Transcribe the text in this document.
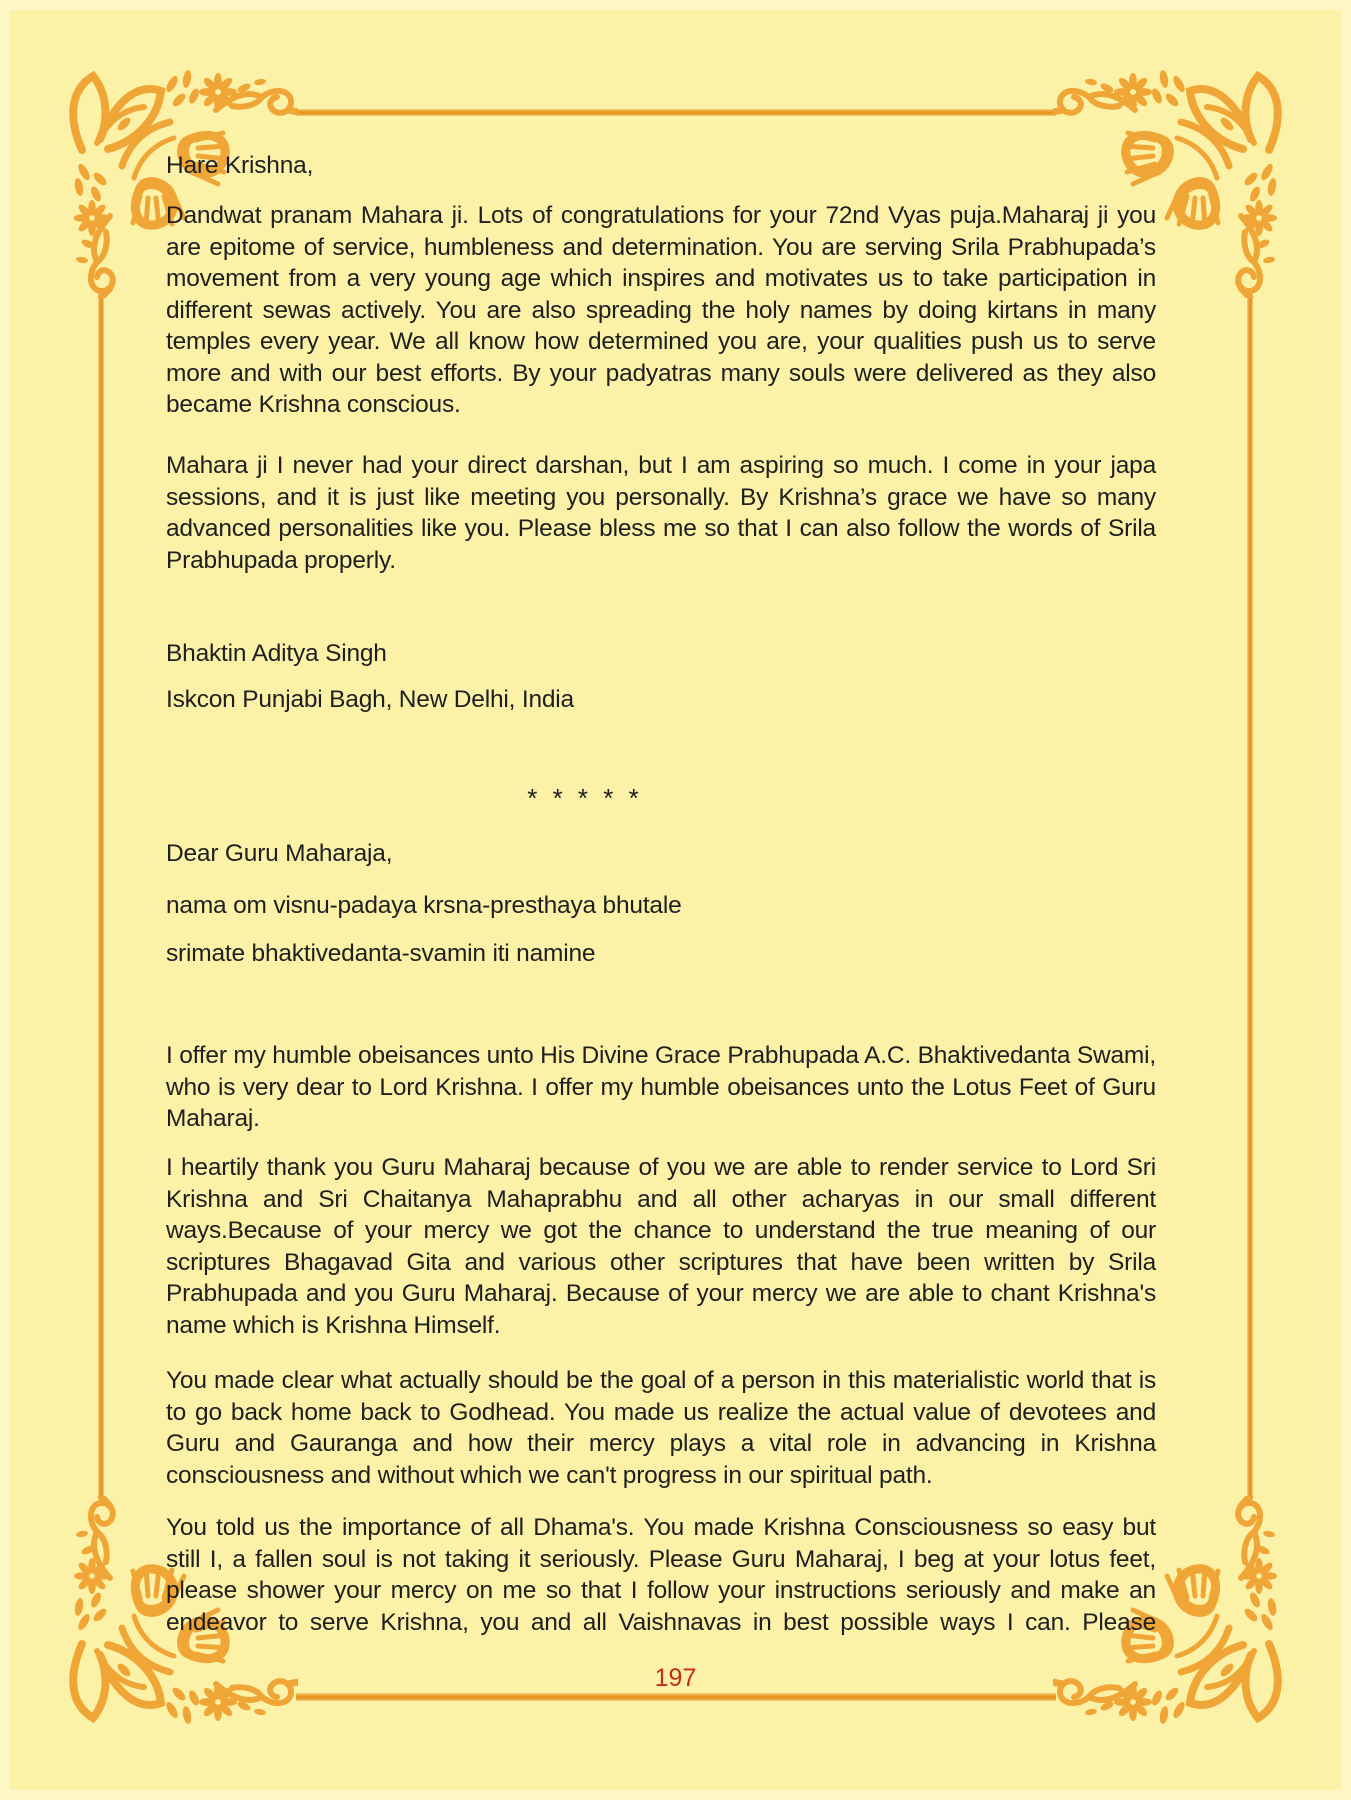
Hare Krishna,

Dandwat pranam Mahara ji. Lots of congratulations for your 72nd Vyas puja.Maharaj ji you are epitome of service, humbleness and determination. You are serving Srila Prabhupada’s movement from a very young age which inspires and motivates us to take participation in different sewas actively. You are also spreading the holy names by doing kirtans in many temples every year. We all know how determined you are, your qualities push us to serve more and with our best efforts. By your padyatras many souls were delivered as they also became Krishna conscious.

Mahara ji I never had your direct darshan, but I am aspiring so much. I come in your japa sessions, and it is just like meeting you personally. By Krishna’s grace we have so many advanced personalities like you. Please bless me so that I can also follow the words of Srila Prabhupada properly.

Bhaktin Aditya Singh
Iskcon Punjabi Bagh, New Delhi, India
* * * * *
Dear Guru Maharaja,
nama om visnu-padaya krsna-presthaya bhutale
srimate bhaktivedanta-svamin iti namine

I offer my humble obeisances unto His Divine Grace Prabhupada A.C. Bhaktivedanta Swami, who is very dear to Lord Krishna. I offer my humble obeisances unto the Lotus Feet of Guru Maharaj.

I heartily thank you Guru Maharaj because of you we are able to render service to Lord Sri Krishna and Sri Chaitanya Mahaprabhu and all other acharyas in our small different ways.Because of your mercy we got the chance to understand the true meaning of our scriptures Bhagavad Gita and various other scriptures that have been written by Srila Prabhupada and you Guru Maharaj. Because of your mercy we are able to chant Krishna's name which is Krishna Himself.

You made clear what actually should be the goal of a person in this materialistic world that is to go back home back to Godhead. You made us realize the actual value of devotees and Guru and Gauranga and how their mercy plays a vital role in advancing in Krishna consciousness and without which we can't progress in our spiritual path.

You told us the importance of all Dhama's. You made Krishna Consciousness so easy but still I, a fallen soul is not taking it seriously. Please Guru Maharaj, I beg at your lotus feet, please shower your mercy on me so that I follow your instructions seriously and make an endeavor to serve Krishna, you and all Vaishnavas in best possible ways I can. Please

197
